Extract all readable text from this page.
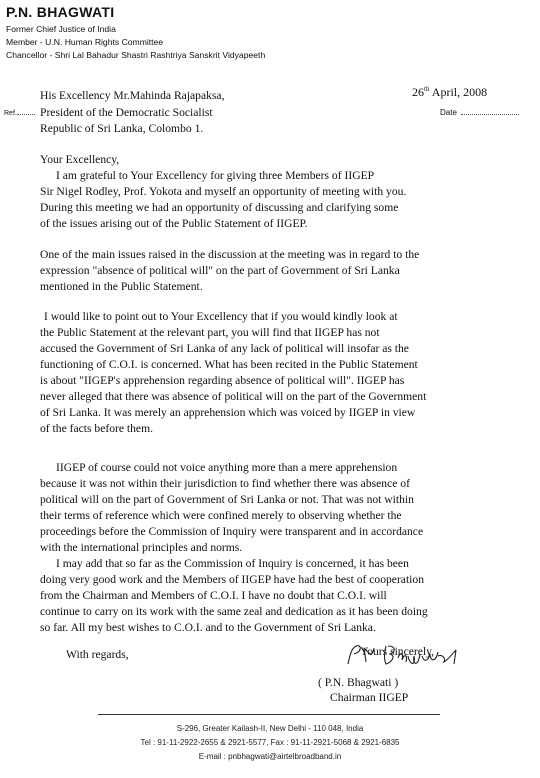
P.N. BHAGWATI
Former Chief Justice of India
Member - U.N. Human Rights Committee
Chancellor - Shri Lal Bahadur Shastri Rashtriya Sanskrit Vidyapeeth
26th April, 2008
Date
Ref.
His Excellency Mr.Mahinda Rajapaksa,
President of the Democratic Socialist
Republic of Sri Lanka, Colombo 1.
Your Excellency,
I am grateful to Your Excellency for giving three Members of IIGEP
Sir Nigel Rodley, Prof. Yokota and myself an opportunity of meeting with you.
During this meeting we had an opportunity of discussing and clarifying some
of the issues arising out of the Public Statement of IIGEP.
One of the main issues raised in the discussion at the meeting was in regard to the
expression "absence of political will" on the part of Government of Sri Lanka
mentioned in the Public Statement.
I would like to point out to Your Excellency that if you would kindly look at
the Public Statement at the relevant part, you will find that IIGEP has not
accused the Government of Sri Lanka of any lack of political will insofar as the
functioning of C.O.I. is concerned. What has been recited in the Public Statement
is about "IIGEP's apprehension regarding absence of political will". IIGEP has
never alleged that there was absence of political will on the part of the Government
of Sri Lanka. It was merely an apprehension which was voiced by IIGEP in view
of the facts before them.
IIGEP of course could not voice anything more than a mere apprehension
because it was not within their jurisdiction to find whether there was absence of
political will on the part of Government of Sri Lanka or not. That was not within
their terms of reference which were confined merely to observing whether the
proceedings before the Commission of Inquiry were transparent and in accordance
with the international principles and norms.
I may add that so far as the Commission of Inquiry is concerned, it has been
doing very good work and the Members of IIGEP have had the best of cooperation
from the Chairman and Members of C.O.I. I have no doubt that C.O.I. will
continue to carry on its work with the same zeal and dedication as it has been doing
so far. All my best wishes to C.O.I. and to the Government of Sri Lanka.
With regards,	Yours sincerely,
( P.N. Bhagwati )
Chairman IIGEP
S-296, Greater Kailash-II, New Delhi - 110 048, India
Tel : 91-11-2922-2655 & 2921-5577, Fax : 91-11-2921-5068 & 2921-6835
E-mail : pnbhagwati@airtelbroadband.in
